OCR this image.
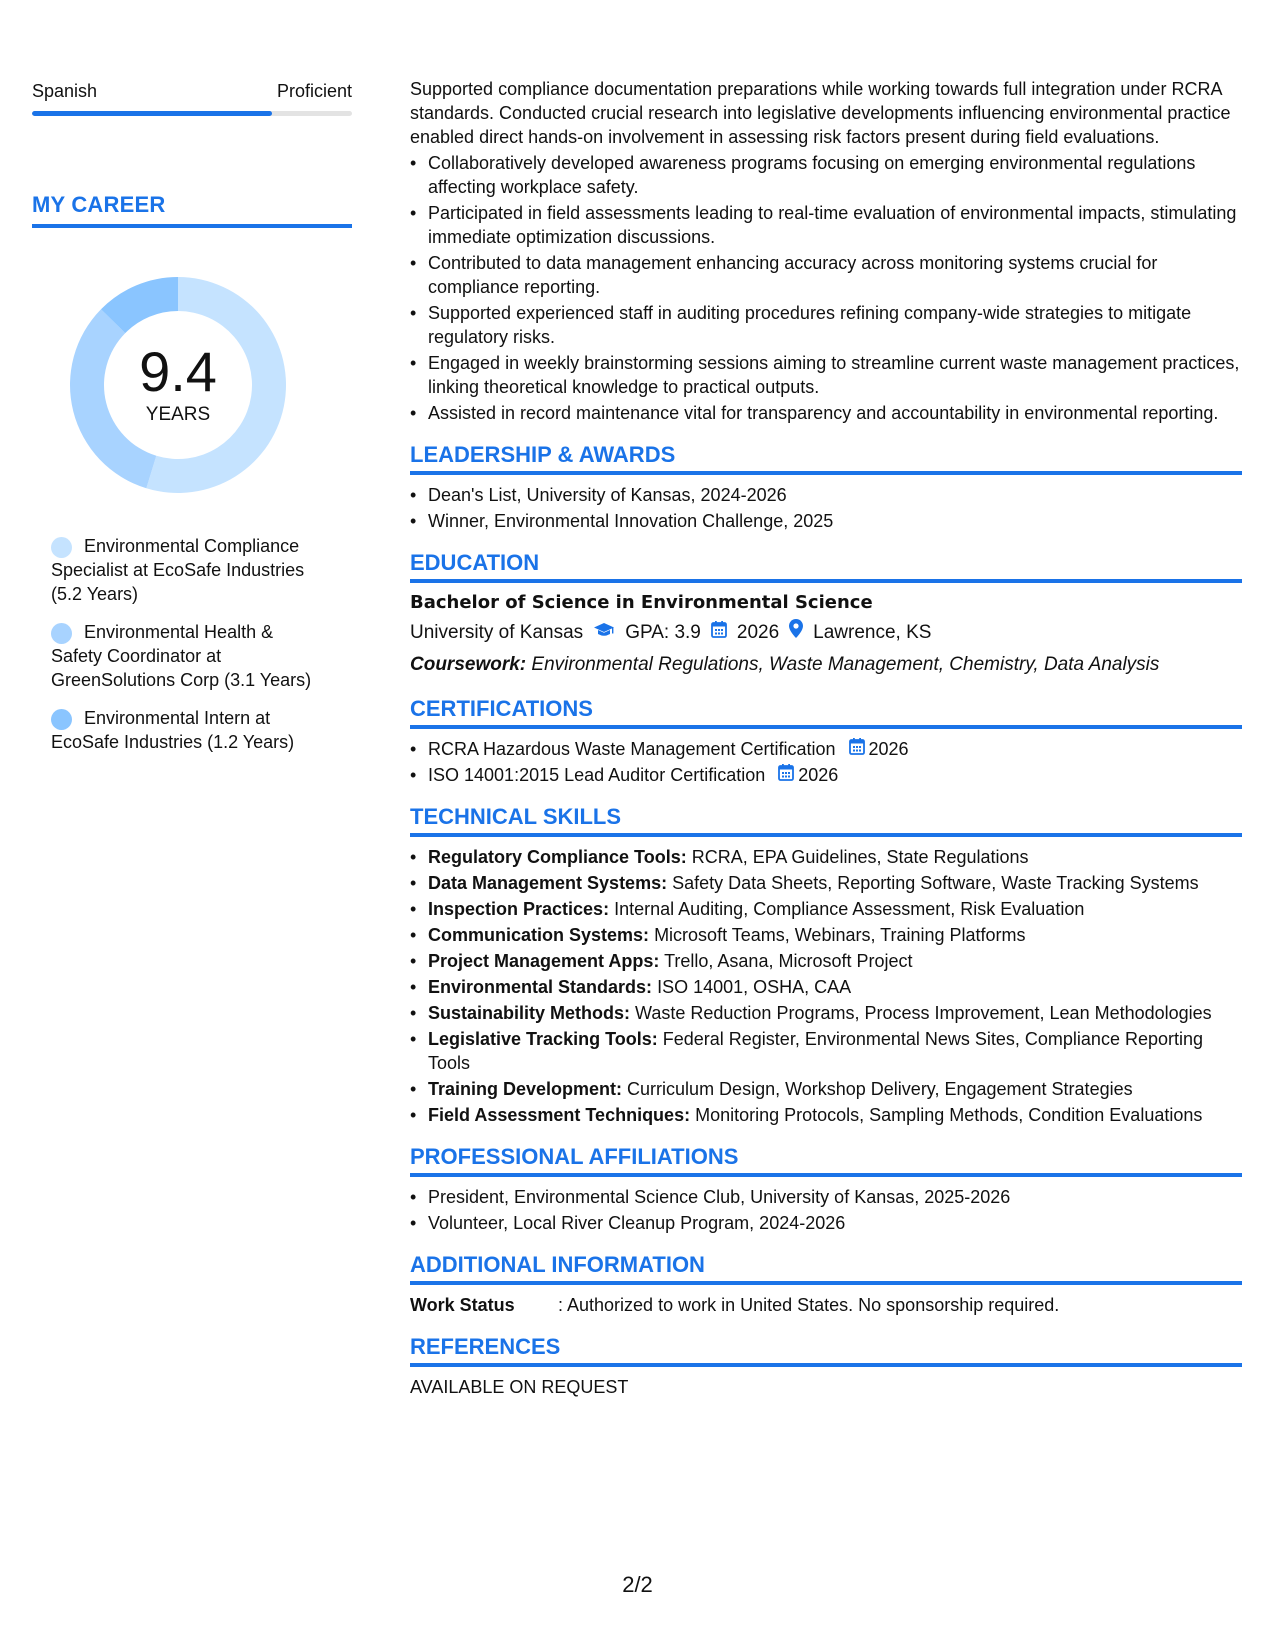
Spanish	Proficient
MY CAREER
9.4
YEARS
Environmental Compliance Specialist at EcoSafe Industries (5.2 Years)
Environmental Health & Safety Coordinator at GreenSolutions Corp (3.1 Years)
Environmental Intern at EcoSafe Industries (1.2 Years)

Supported compliance documentation preparations while working towards full integration under RCRA standards. Conducted crucial research into legislative developments influencing environmental practice enabled direct hands-on involvement in assessing risk factors present during field evaluations.

• Collaboratively developed awareness programs focusing on emerging environmental regulations affecting workplace safety.
• Participated in field assessments leading to real-time evaluation of environmental impacts, stimulating immediate optimization discussions.
• Contributed to data management enhancing accuracy across monitoring systems crucial for compliance reporting.
• Supported experienced staff in auditing procedures refining company-wide strategies to mitigate regulatory risks.
• Engaged in weekly brainstorming sessions aiming to streamline current waste management practices, linking theoretical knowledge to practical outputs.
• Assisted in record maintenance vital for transparency and accountability in environmental reporting.
LEADERSHIP & AWARDS
• Dean's List, University of Kansas, 2024-2026
• Winner, Environmental Innovation Challenge, 2025
EDUCATION
Bachelor of Science in Environmental Science
University of Kansas GPA: 3.9 2026 Lawrence, KS
Coursework: Environmental Regulations, Waste Management, Chemistry, Data Analysis
CERTIFICATIONS
• RCRA Hazardous Waste Management Certification 2026
• ISO 14001:2015 Lead Auditor Certification 2026
TECHNICAL SKILLS
• Regulatory Compliance Tools: RCRA, EPA Guidelines, State Regulations
• Data Management Systems: Safety Data Sheets, Reporting Software, Waste Tracking Systems
• Inspection Practices: Internal Auditing, Compliance Assessment, Risk Evaluation
• Communication Systems: Microsoft Teams, Webinars, Training Platforms
• Project Management Apps: Trello, Asana, Microsoft Project
• Environmental Standards: ISO 14001, OSHA, CAA
• Sustainability Methods: Waste Reduction Programs, Process Improvement, Lean Methodologies
• Legislative Tracking Tools: Federal Register, Environmental News Sites, Compliance Reporting Tools
• Training Development: Curriculum Design, Workshop Delivery, Engagement Strategies
• Field Assessment Techniques: Monitoring Protocols, Sampling Methods, Condition Evaluations
PROFESSIONAL AFFILIATIONS
• President, Environmental Science Club, University of Kansas, 2025-2026
• Volunteer, Local River Cleanup Program, 2024-2026
ADDITIONAL INFORMATION
Work Status	: Authorized to work in United States. No sponsorship required.
REFERENCES
AVAILABLE ON REQUEST
2/2
